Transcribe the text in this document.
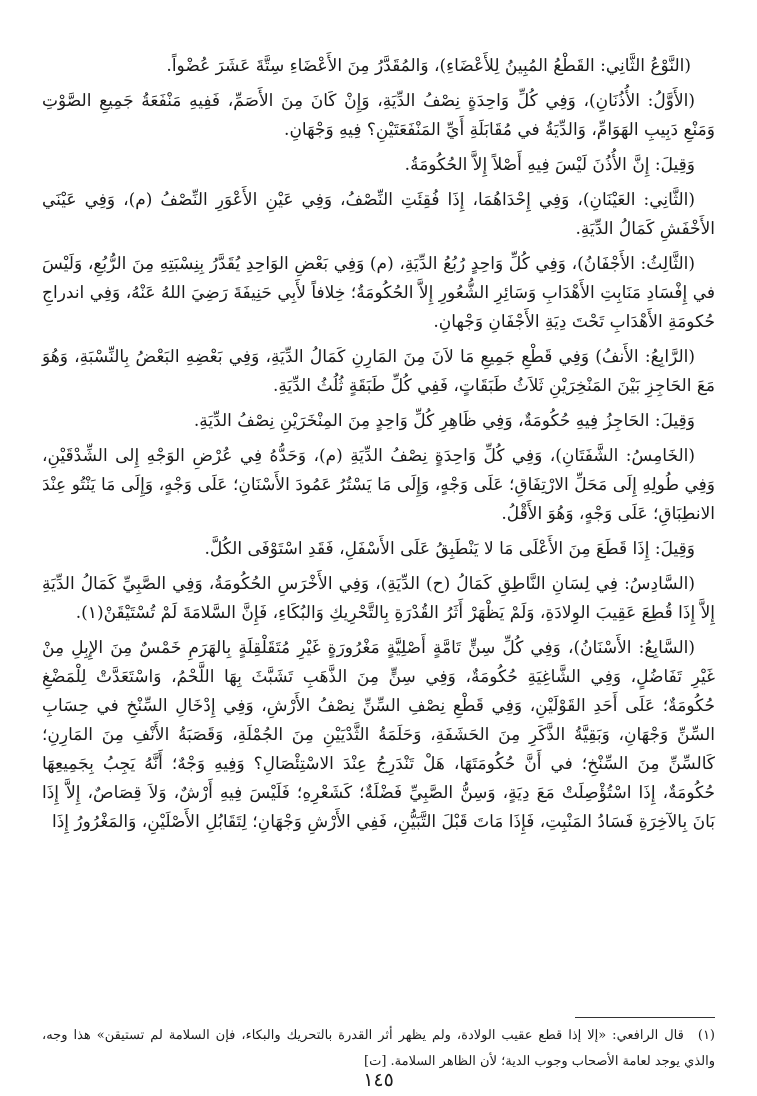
(النَّوْعُ الثَّانِي: القَطْعُ المُبِينُ لِلأَعْضَاءِ)، وَالمُقَدَّرُ مِنَ الأَعْضَاءِ سِتَّةَ عَشَرَ عُضْواً.

(الأَوَّلُ: الأُذُنَانِ)، وَفِي كُلِّ وَاحِدَةٍ نِصْفُ الدِّيَةِ، وَإِنْ كَانَ مِنَ الأَصَمِّ، فَفِيهِ مَنْفَعَةُ جَمِيعِ الصَّوْتِ وَمَنْعِ دَبِيبِ الهَوَامِّ، وَالدِّيَةُ في مُقَابَلَةِ أَيِّ المَنْفَعَتَيْنِ؟ فِيهِ وَجْهَانِ.

وَقِيلَ: إِنَّ الأُذُنَ لَيْسَ فِيهِ أَصْلاً إِلاَّ الحُكُومَةُ.

(الثَّانِي: العَيْنَانِ)، وَفِي إِحْدَاهُمَا، إِذَا فُقِئَتِ النِّصْفُ، وَفِي عَيْنِ الأَعْوَرِ النِّصْفُ (م)، وَفِي عَيْنَي الأَخْفَشِ كَمَالُ الدِّيَةِ.

(الثَّالِثُ: الأَجْفَانُ)، وَفِي كُلِّ وَاحِدٍ رُبُعُ الدِّيَةِ، (م) وَفِي بَعْضِ الوَاحِدِ يُقَدَّرُ بِنِسْبَتِهِ مِنَ الرُّبُعِ، وَلَيْسَ في إِفْسَادِ مَنَابِتِ الأَهْدَابِ وَسَائِرِ الشُّعُورِ إِلاَّ الحُكُومَةُ؛ خِلافاً لأَبِي حَنِيفَةَ رَضِيَ اللهُ عَنْهُ، وَفِي اندراجِ حُكومَةِ الأَهْدَابِ تَحْتَ دِيَةِ الأَجْفَانِ وَجْهانِ.

(الرَّابِعُ: الأَنفُ) وَفِي قَطْعِ جَمِيعِ مَا لاَنَ مِنَ المَارِنِ كَمَالُ الدِّيَةِ، وَفِي بَعْضِهِ البَعْضُ بِالنِّسْبَةِ، وَهُوَ مَعَ الحَاجِزِ بَيْنَ المَنْخِرَيْنِ ثَلاَثُ طَبَقَاتٍ، فَفِي كُلِّ طَبَقَةٍ ثُلُثُ الدِّيَةِ.

وَقِيلَ: الحَاجِزُ فِيهِ حُكُومَةٌ، وَفِي ظَاهِرِ كُلِّ وَاحِدٍ مِنَ المِنْخَرَيْنِ نِصْفُ الدِّيَةِ.

(الخَامِسُ: الشَّفَتَانِ)، وَفِي كُلِّ وَاحِدَةٍ نِصْفُ الدِّيَةِ (م)، وَحَدُّهُ فِي عُرْضِ الوَجْهِ إِلى الشِّدْقَيْنِ، وَفِي طُولِهِ إِلَى مَحَلِّ الارْتِفَاقِ؛ عَلَى وَجْهٍ، وَإِلَى مَا يَسْتُرُ عَمُودَ الأَسْنَانِ؛ عَلَى وَجْهٍ، وَإِلَى مَا يَنْتُو عِنْدَ الانطِبَاقِ؛ عَلَى وَجْهٍ، وَهُوَ الأَقْلُ.

وَقِيلَ: إِذَا قَطَعَ مِنَ الأَعْلَى مَا لا يَنْطَبِقُ عَلَى الأَسْفَلِ، فَقَدِ اسْتَوْفَى الكُلَّ.

(السَّادِسُ: فِي لِسَانِ النَّاطِقِ كَمَالُ (ح) الدِّيَةِ)، وَفِي الأَخْرَسِ الحُكُومَةُ، وَفِي الصَّبِيِّ كَمَالُ الدِّيَةِ إِلاَّ إِذَا قُطِعَ عَقِيبَ الوِلادَةِ، وَلَمْ يَظْهَرْ أَثَرُ القُدْرَةِ بِالتَّحْرِيكِ وَالبُكَاءِ، فَإِنَّ السَّلامَةَ لَمْ تُسْتَيْقَنْ(١).

(السَّابِعُ: الأَسْنَانُ)، وَفِي كُلِّ سِنٍّ تَامَّةٍ أَصْلِيَّةٍ مَغْرُورَةٍ غَيْرِ مُتَقَلْقِلَةٍ بِالهَرَمِ خَمْسٌ مِنَ الإِبِلِ مِنْ غَيْرِ تَفَاضُلٍ، وَفِي الشَّاغِيَةِ حُكُومَةٌ، وَفِي سِنٍّ مِنَ الذَّهَبِ تَشَبَّثَ بِهَا اللَّحْمُ، وَاسْتَعَدَّتْ لِلْمَضْغِ حُكُومَةٌ؛ عَلَى أَحَدِ القَوْلَيْنِ، وَفِي قَطْعِ نِصْفِ السِّنِّ نِصْفُ الأَرْشِ، وَفِي إِدْخَالِ السِّنْخِ في حِسَابِ السِّنِّ وَجْهَانِ، وَبَقِيَّةُ الذَّكَرِ مِنَ الحَشَفَةِ، وَحَلَمَةُ الثَّدْيَيْنِ مِنَ الجُمْلَةِ، وَقَصَبَةُ الأَنْفِ مِنَ المَارِنِ؛ كَالسِّنِّ مِنَ السِّنْخِ؛ في أَنَّ حُكُومَتَهَا، هَلْ تَنْدَرِجُ عِنْدَ الاسْتِئْصَالِ؟ وَفِيهِ وَجْهٌ؛ أَنَّهُ يَجِبُ بِجَمِيعِهَا حُكُومَةٌ، إِذَا اسْتُؤْصِلَتْ مَعَ دِيَةٍ، وَسِنُّ الصَّبِيِّ فَضْلَةٌ؛ كَشَعْرِهِ؛ فَلَيْسَ فِيهِ أَرْشٌ، وَلاَ قِصَاصٌ، إِلاَّ إِذَا بَانَ بِالآخِرَةِ فَسَادُ المَنْبِتِ، فَإِذَا مَاتَ قَبْلَ التَّبَيُّنِ، فَفِي الأَرْشِ وَجْهَانِ؛ لِتَقَابُلِ الأَصْلَيْنِ، وَالمَغْرُورُ إِذَا

(١)قال الرافعي: «إلا إذا قطع عقيب الولادة، ولم يظهر أثر القدرة بالتحريك والبكاء، فإن السلامة لم تستيقن» هذا وجه، والذي يوجد لعامة الأصحاب وجوب الدية؛ لأن الظاهر السلامة. [ت]

١٤٥
